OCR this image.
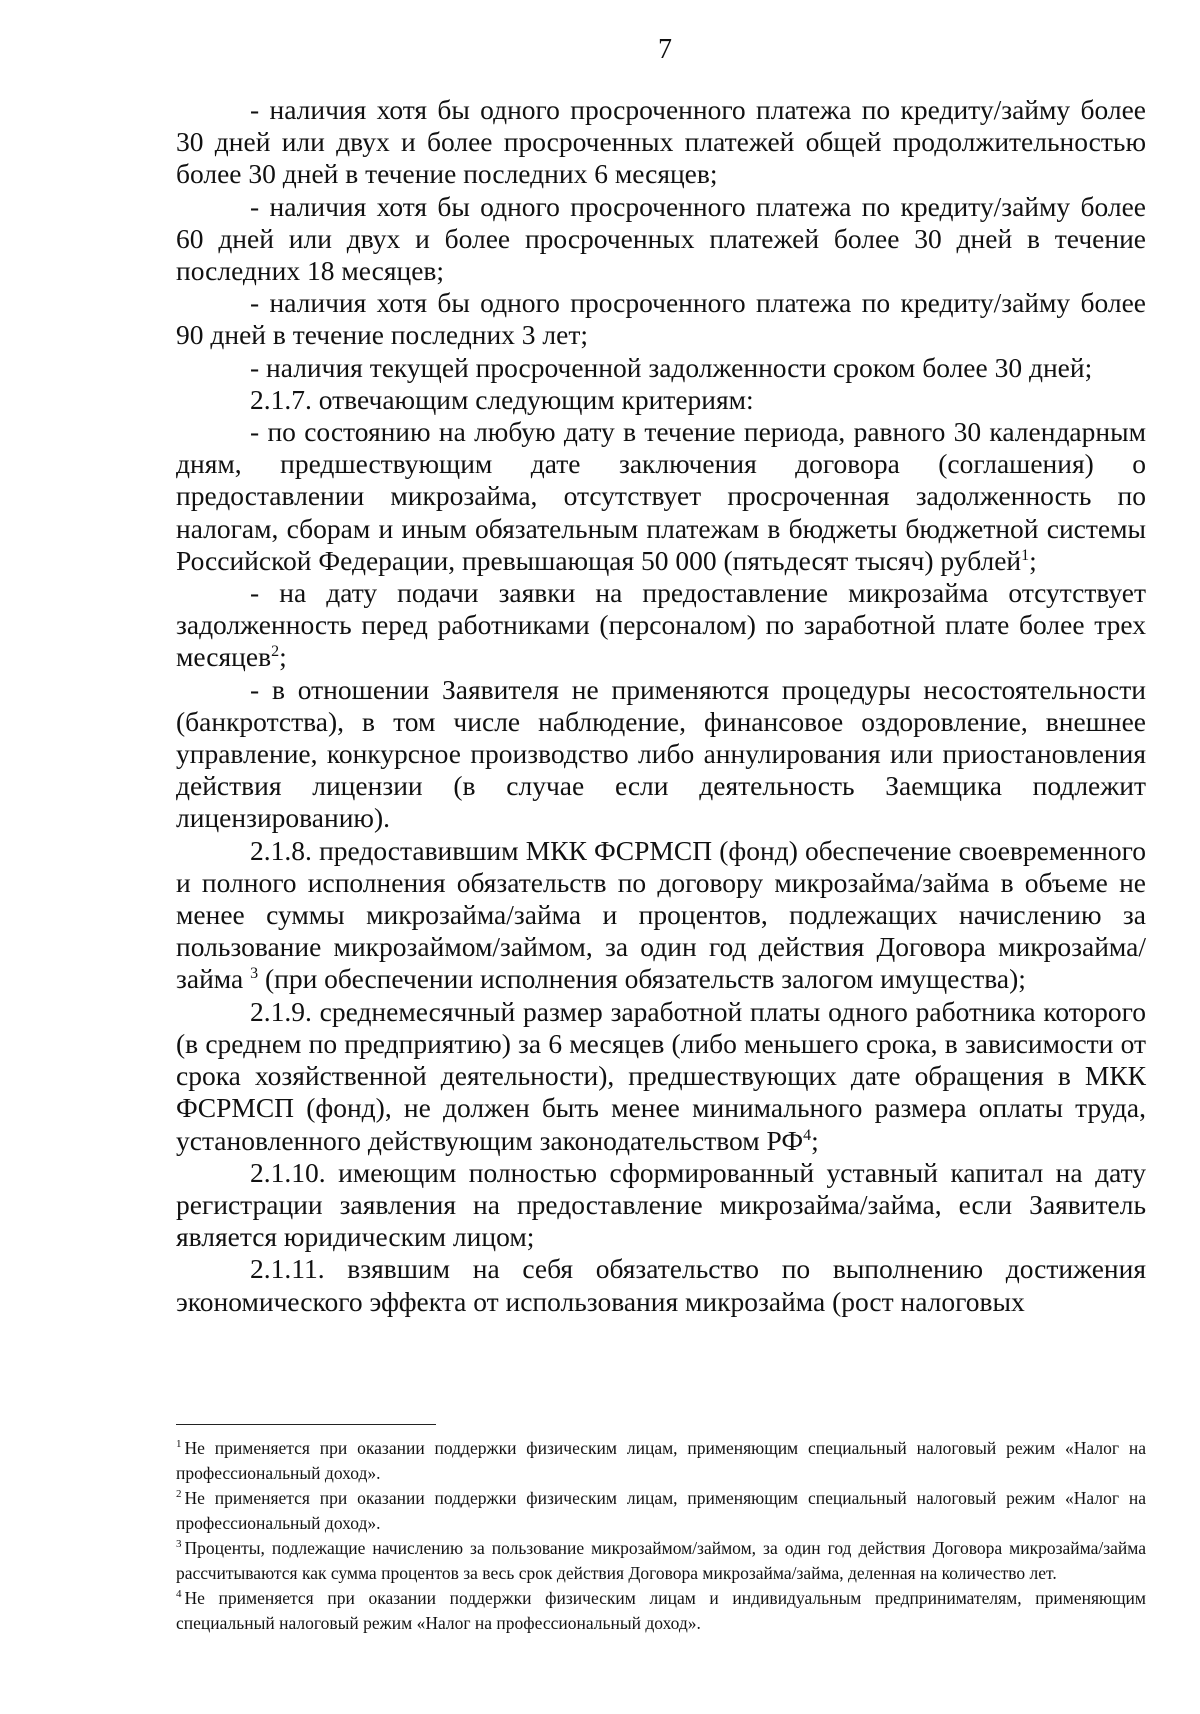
7

- наличия хотя бы одного просроченного платежа по кредиту/займу более 30 дней или двух и более просроченных платежей общей продолжительностью более 30 дней в течение последних 6 месяцев;

- наличия хотя бы одного просроченного платежа по кредиту/займу более 60 дней или двух и более просроченных платежей более 30 дней в течение последних 18 месяцев;

- наличия хотя бы одного просроченного платежа по кредиту/займу более 90 дней в течение последних 3 лет;

- наличия текущей просроченной задолженности сроком более 30 дней;

2.1.7. отвечающим следующим критериям:

- по состоянию на любую дату в течение периода, равного 30 календарным дням, предшествующим дате заключения договора (соглашения) о предоставлении микрозайма, отсутствует просроченная задолженность по налогам, сборам и иным обязательным платежам в бюджеты бюджетной системы Российской Федерации, превышающая 50 000 (пятьдесят тысяч) рублей$^1$;

- на дату подачи заявки на предоставление микрозайма отсутствует задолженность перед работниками (персоналом) по заработной плате более трех месяцев$^2$;

- в отношении Заявителя не применяются процедуры несостоятельности (банкротства), в том числе наблюдение, финансовое оздоровление, внешнее управление, конкурсное производство либо аннулирования или приостановления действия лицензии (в случае если деятельность Заемщика подлежит лицензированию).

2.1.8. предоставившим МКК ФСРМСП (фонд) обеспечение своевременного и полного исполнения обязательств по договору микрозайма/займа в объеме не менее суммы микрозайма/займа и процентов, подлежащих начислению за пользование микрозаймом/займом, за один год действия Договора микрозайма/займа $^3$ (при обеспечении исполнения обязательств залогом имущества);

2.1.9. среднемесячный размер заработной платы одного работника которого (в среднем по предприятию) за 6 месяцев (либо меньшего срока, в зависимости от срока хозяйственной деятельности), предшествующих дате обращения в МКК ФСРМСП (фонд), не должен быть менее минимального размера оплаты труда, установленного действующим законодательством $РФ^4$;

2.1.10. имеющим полностью сформированный уставный капитал на дату регистрации заявления на предоставление микрозайма/займа, если Заявитель является юридическим лицом;

2.1.11. взявшим на себя обязательство по выполнению достижения экономического эффекта от использования микрозайма (рост налоговых

$^1$ Не применяется при оказании поддержки физическим лицам, применяющим специальный налоговый режим «Налог на профессиональный доход».

$^2$ Не применяется при оказании поддержки физическим лицам, применяющим специальный налоговый режим «Налог на профессиональный доход».

$^3$ Проценты, подлежащие начислению за пользование микрозаймом/займом, за один год действия Договора микрозайма/займа рассчитываются как сумма процентов за весь срок действия Договора микрозайма/займа, деленная на количество лет.

$^4$ Не применяется при оказании поддержки физическим лицам и индивидуальным предпринимателям, применяющим специальный налоговый режим «Налог на профессиональный доход».
